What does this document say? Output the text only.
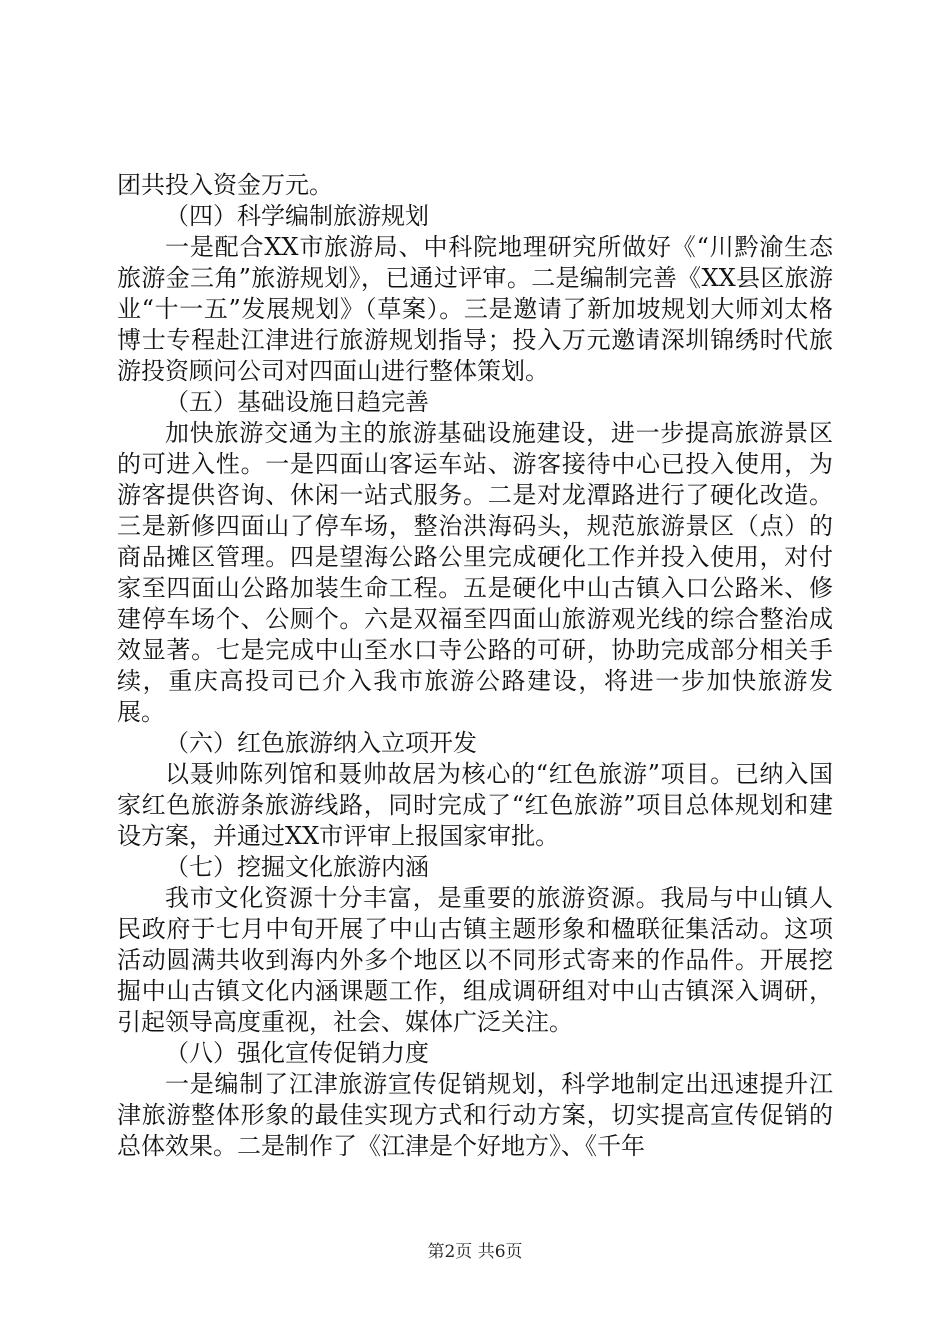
团共投入资金万元。

（四）科学编制旅游规划

一是配合XX市旅游局、中科院地理研究所做好《“川黔渝生态旅游金三角”旅游规划》，已通过评审。二是编制完善《XX县区旅游业“十一五”发展规划》（草案）。三是邀请了新加坡规划大师刘太格博士专程赴江津进行旅游规划指导；投入万元邀请深圳锦绣时代旅游投资顾问公司对四面山进行整体策划。

（五）基础设施日趋完善

加快旅游交通为主的旅游基础设施建设，进一步提高旅游景区的可进入性。一是四面山客运车站、游客接待中心已投入使用，为游客提供咨询、休闲一站式服务。二是对龙潭路进行了硬化改造。三是新修四面山了停车场，整治洪海码头，规范旅游景区（点）的商品摊区管理。四是望海公路公里完成硬化工作并投入使用，对付家至四面山公路加装生命工程。五是硬化中山古镇入口公路米、修建停车场个、公厕个。六是双福至四面山旅游观光线的综合整治成效显著。七是完成中山至水口寺公路的可研，协助完成部分相关手续，重庆高投司已介入我市旅游公路建设，将进一步加快旅游发展。

（六）红色旅游纳入立项开发

以聂帅陈列馆和聂帅故居为核心的“红色旅游”项目。已纳入国家红色旅游条旅游线路，同时完成了“红色旅游”项目总体规划和建设方案，并通过XX市评审上报国家审批。

（七）挖掘文化旅游内涵

我市文化资源十分丰富，是重要的旅游资源。我局与中山镇人民政府于七月中旬开展了中山古镇主题形象和楹联征集活动。这项活动圆满共收到海内外多个地区以不同形式寄来的作品件。开展挖掘中山古镇文化内涵课题工作，组成调研组对中山古镇深入调研，引起领导高度重视，社会、媒体广泛关注。

（八）强化宣传促销力度

一是编制了江津旅游宣传促销规划，科学地制定出迅速提升江津旅游整体形象的最佳实现方式和行动方案，切实提高宣传促销的总体效果。二是制作了《江津是个好地方》、《千年

第2页 共6页
